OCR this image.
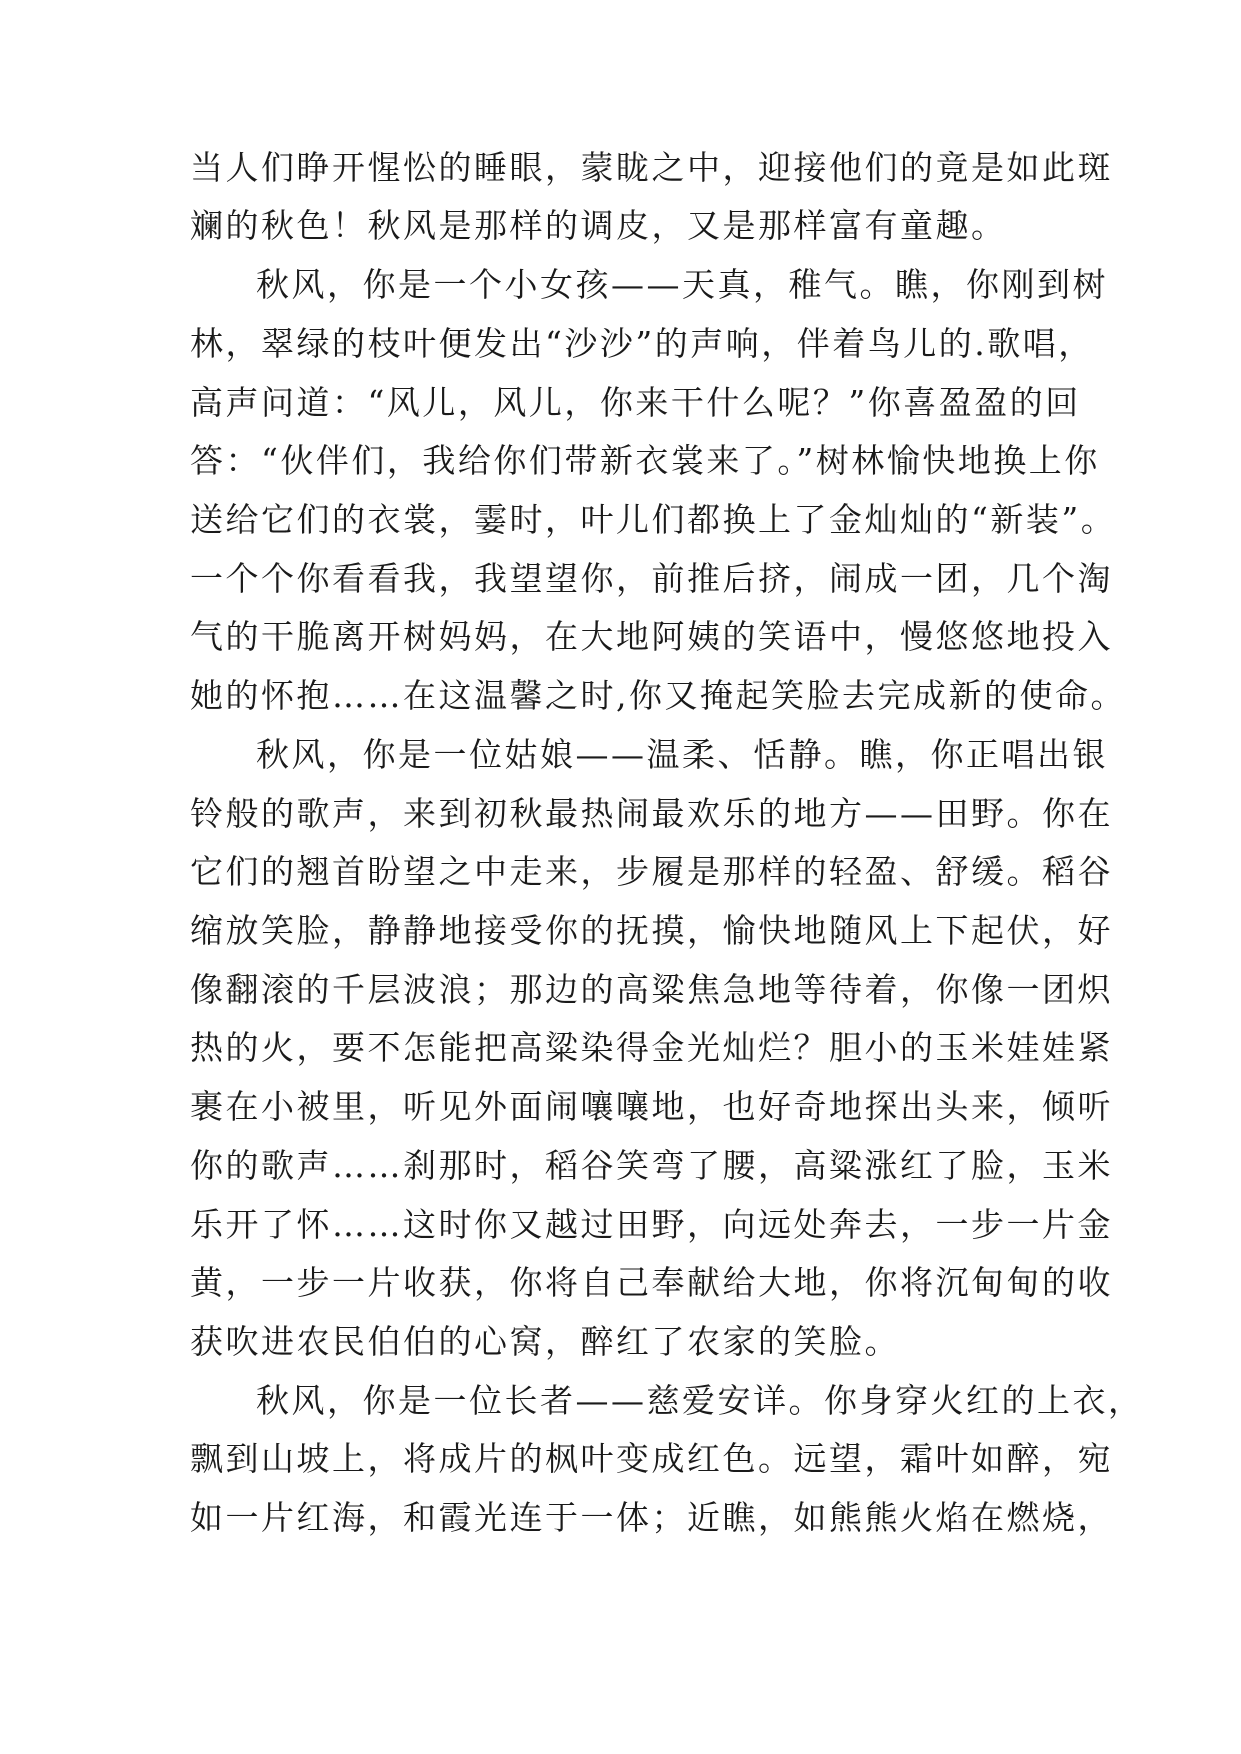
当人们睁开惺忪的睡眼，蒙眬之中，迎接他们的竟是如此斑
斓的秋色！秋风是那样的调皮，又是那样富有童趣。
秋风，你是一个小女孩——天真，稚气。瞧，你刚到树
林，翠绿的枝叶便发出“沙沙”的声响，伴着鸟儿的.歌唱，
高声问道：“风儿，风儿，你来干什么呢？”你喜盈盈的回
答：“伙伴们，我给你们带新衣裳来了。”树林愉快地换上你
送给它们的衣裳，霎时，叶儿们都换上了金灿灿的“新装”。
一个个你看看我，我望望你，前推后挤，闹成一团，几个淘
气的干脆离开树妈妈，在大地阿姨的笑语中，慢悠悠地投入
她的怀抱……在这温馨之时,你又掩起笑脸去完成新的使命。
秋风，你是一位姑娘——温柔、恬静。瞧，你正唱出银
铃般的歌声，来到初秋最热闹最欢乐的地方——田野。你在
它们的翘首盼望之中走来，步履是那样的轻盈、舒缓。稻谷
缩放笑脸，静静地接受你的抚摸，愉快地随风上下起伏，好
像翻滚的千层波浪；那边的高粱焦急地等待着，你像一团炽
热的火，要不怎能把高粱染得金光灿烂？胆小的玉米娃娃紧
裹在小被里，听见外面闹嚷嚷地，也好奇地探出头来，倾听
你的歌声……刹那时，稻谷笑弯了腰，高粱涨红了脸，玉米
乐开了怀……这时你又越过田野，向远处奔去，一步一片金
黄，一步一片收获，你将自己奉献给大地，你将沉甸甸的收
获吹进农民伯伯的心窝，醉红了农家的笑脸。
秋风，你是一位长者——慈爱安详。你身穿火红的上衣，
飘到山坡上，将成片的枫叶变成红色。远望，霜叶如醉，宛
如一片红海，和霞光连于一体；近瞧，如熊熊火焰在燃烧，
